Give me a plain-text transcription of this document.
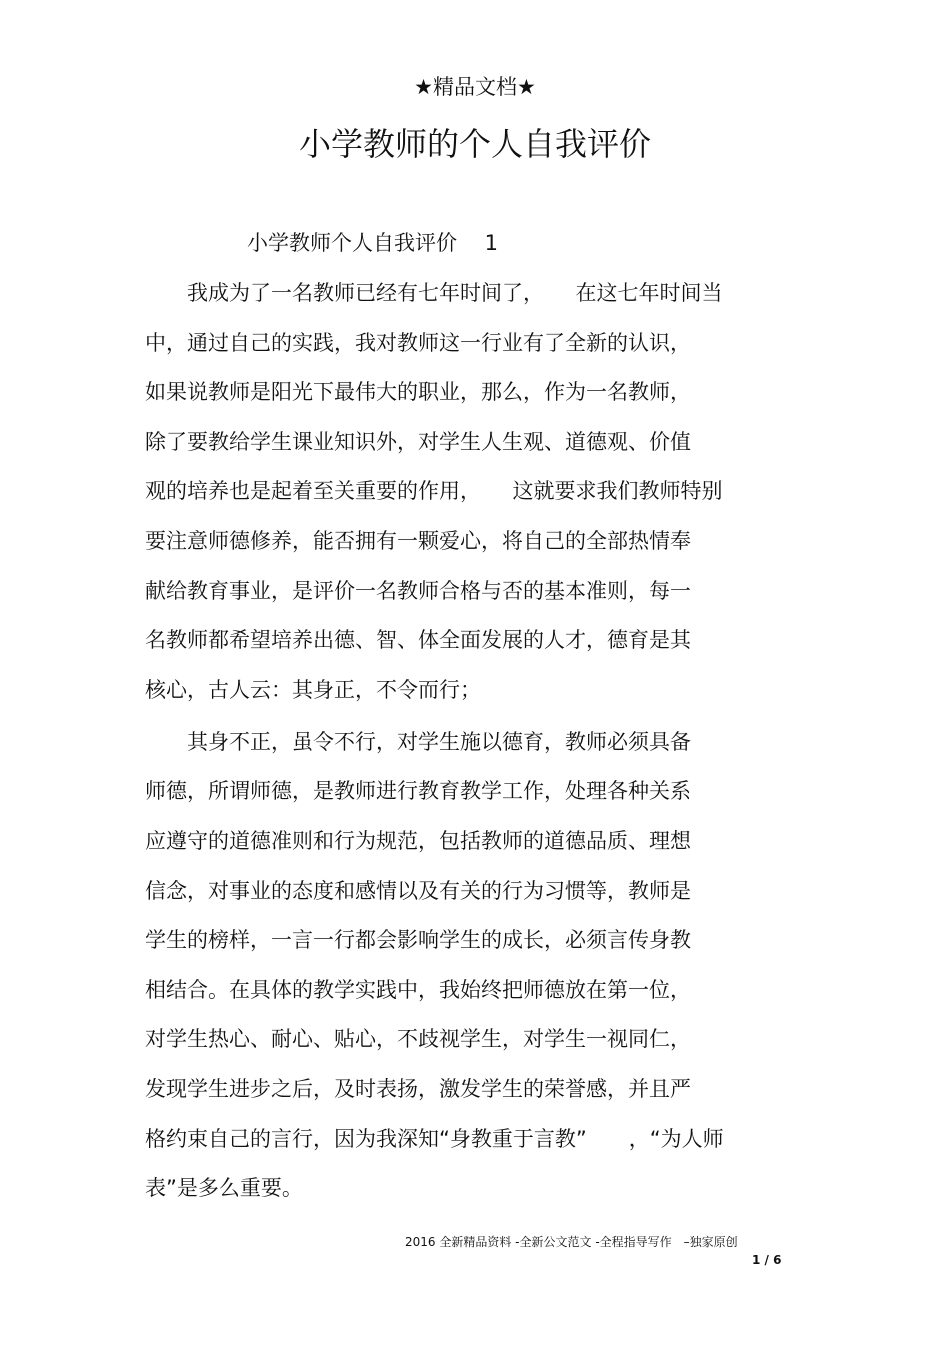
★精品文档★
小学教师的个人自我评价
小学教师个人自我评价　 1
　　我成为了一名教师已经有七年时间了，　　在这七年时间当
中，通过自己的实践，我对教师这一行业有了全新的认识，
如果说教师是阳光下最伟大的职业，那么，作为一名教师，
除了要教给学生课业知识外，对学生人生观、道德观、价值
观的培养也是起着至关重要的作用，　　这就要求我们教师特别
要注意师德修养，能否拥有一颗爱心，将自己的全部热情奉
献给教育事业，是评价一名教师合格与否的基本准则，每一
名教师都希望培养出德、智、体全面发展的人才，德育是其
核心，古人云：其身正，不令而行；
　　其身不正，虽令不行，对学生施以德育，教师必须具备
师德，所谓师德，是教师进行教育教学工作，处理各种关系
应遵守的道德准则和行为规范，包括教师的道德品质、理想
信念，对事业的态度和感情以及有关的行为习惯等，教师是
学生的榜样，一言一行都会影响学生的成长，必须言传身教
相结合。在具体的教学实践中，我始终把师德放在第一位，
对学生热心、耐心、贴心，不歧视学生，对学生一视同仁，
发现学生进步之后，及时表扬，激发学生的荣誉感，并且严
格约束自己的言行，因为我深知“身教重于言教”　　，“为人师
表”是多么重要。
2016 全新精品资料 -全新公文范文 -全程指导写作　–独家原创
1 / 6
